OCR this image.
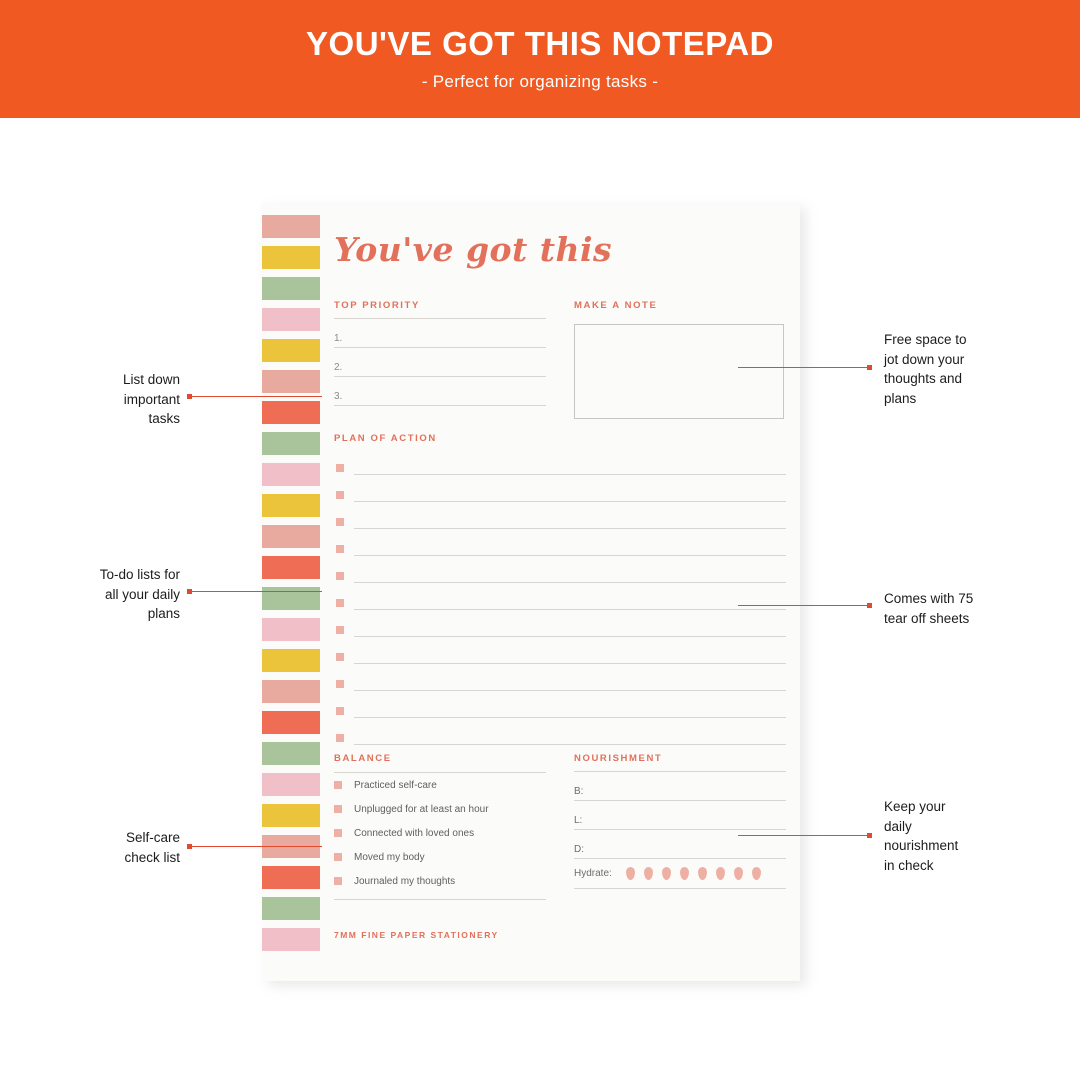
YOU'VE GOT THIS NOTEPAD
- Perfect for organizing tasks -
You've got this
TOP PRIORITY
1.
2.
3.
MAKE A NOTE
PLAN OF ACTION
BALANCE
Practiced self-care
Unplugged for at least an hour
Connected with loved ones
Moved my body
Journaled my thoughts
NOURISHMENT
B:
L:
D:
Hydrate:
7MM FINE PAPER STATIONERY
List down
important
tasks
To-do lists for
all your daily
plans
Self-care
check list
Free space to
jot down your
thoughts and
plans
Comes with 75
tear off sheets
Keep your
daily
nourishment
in check
